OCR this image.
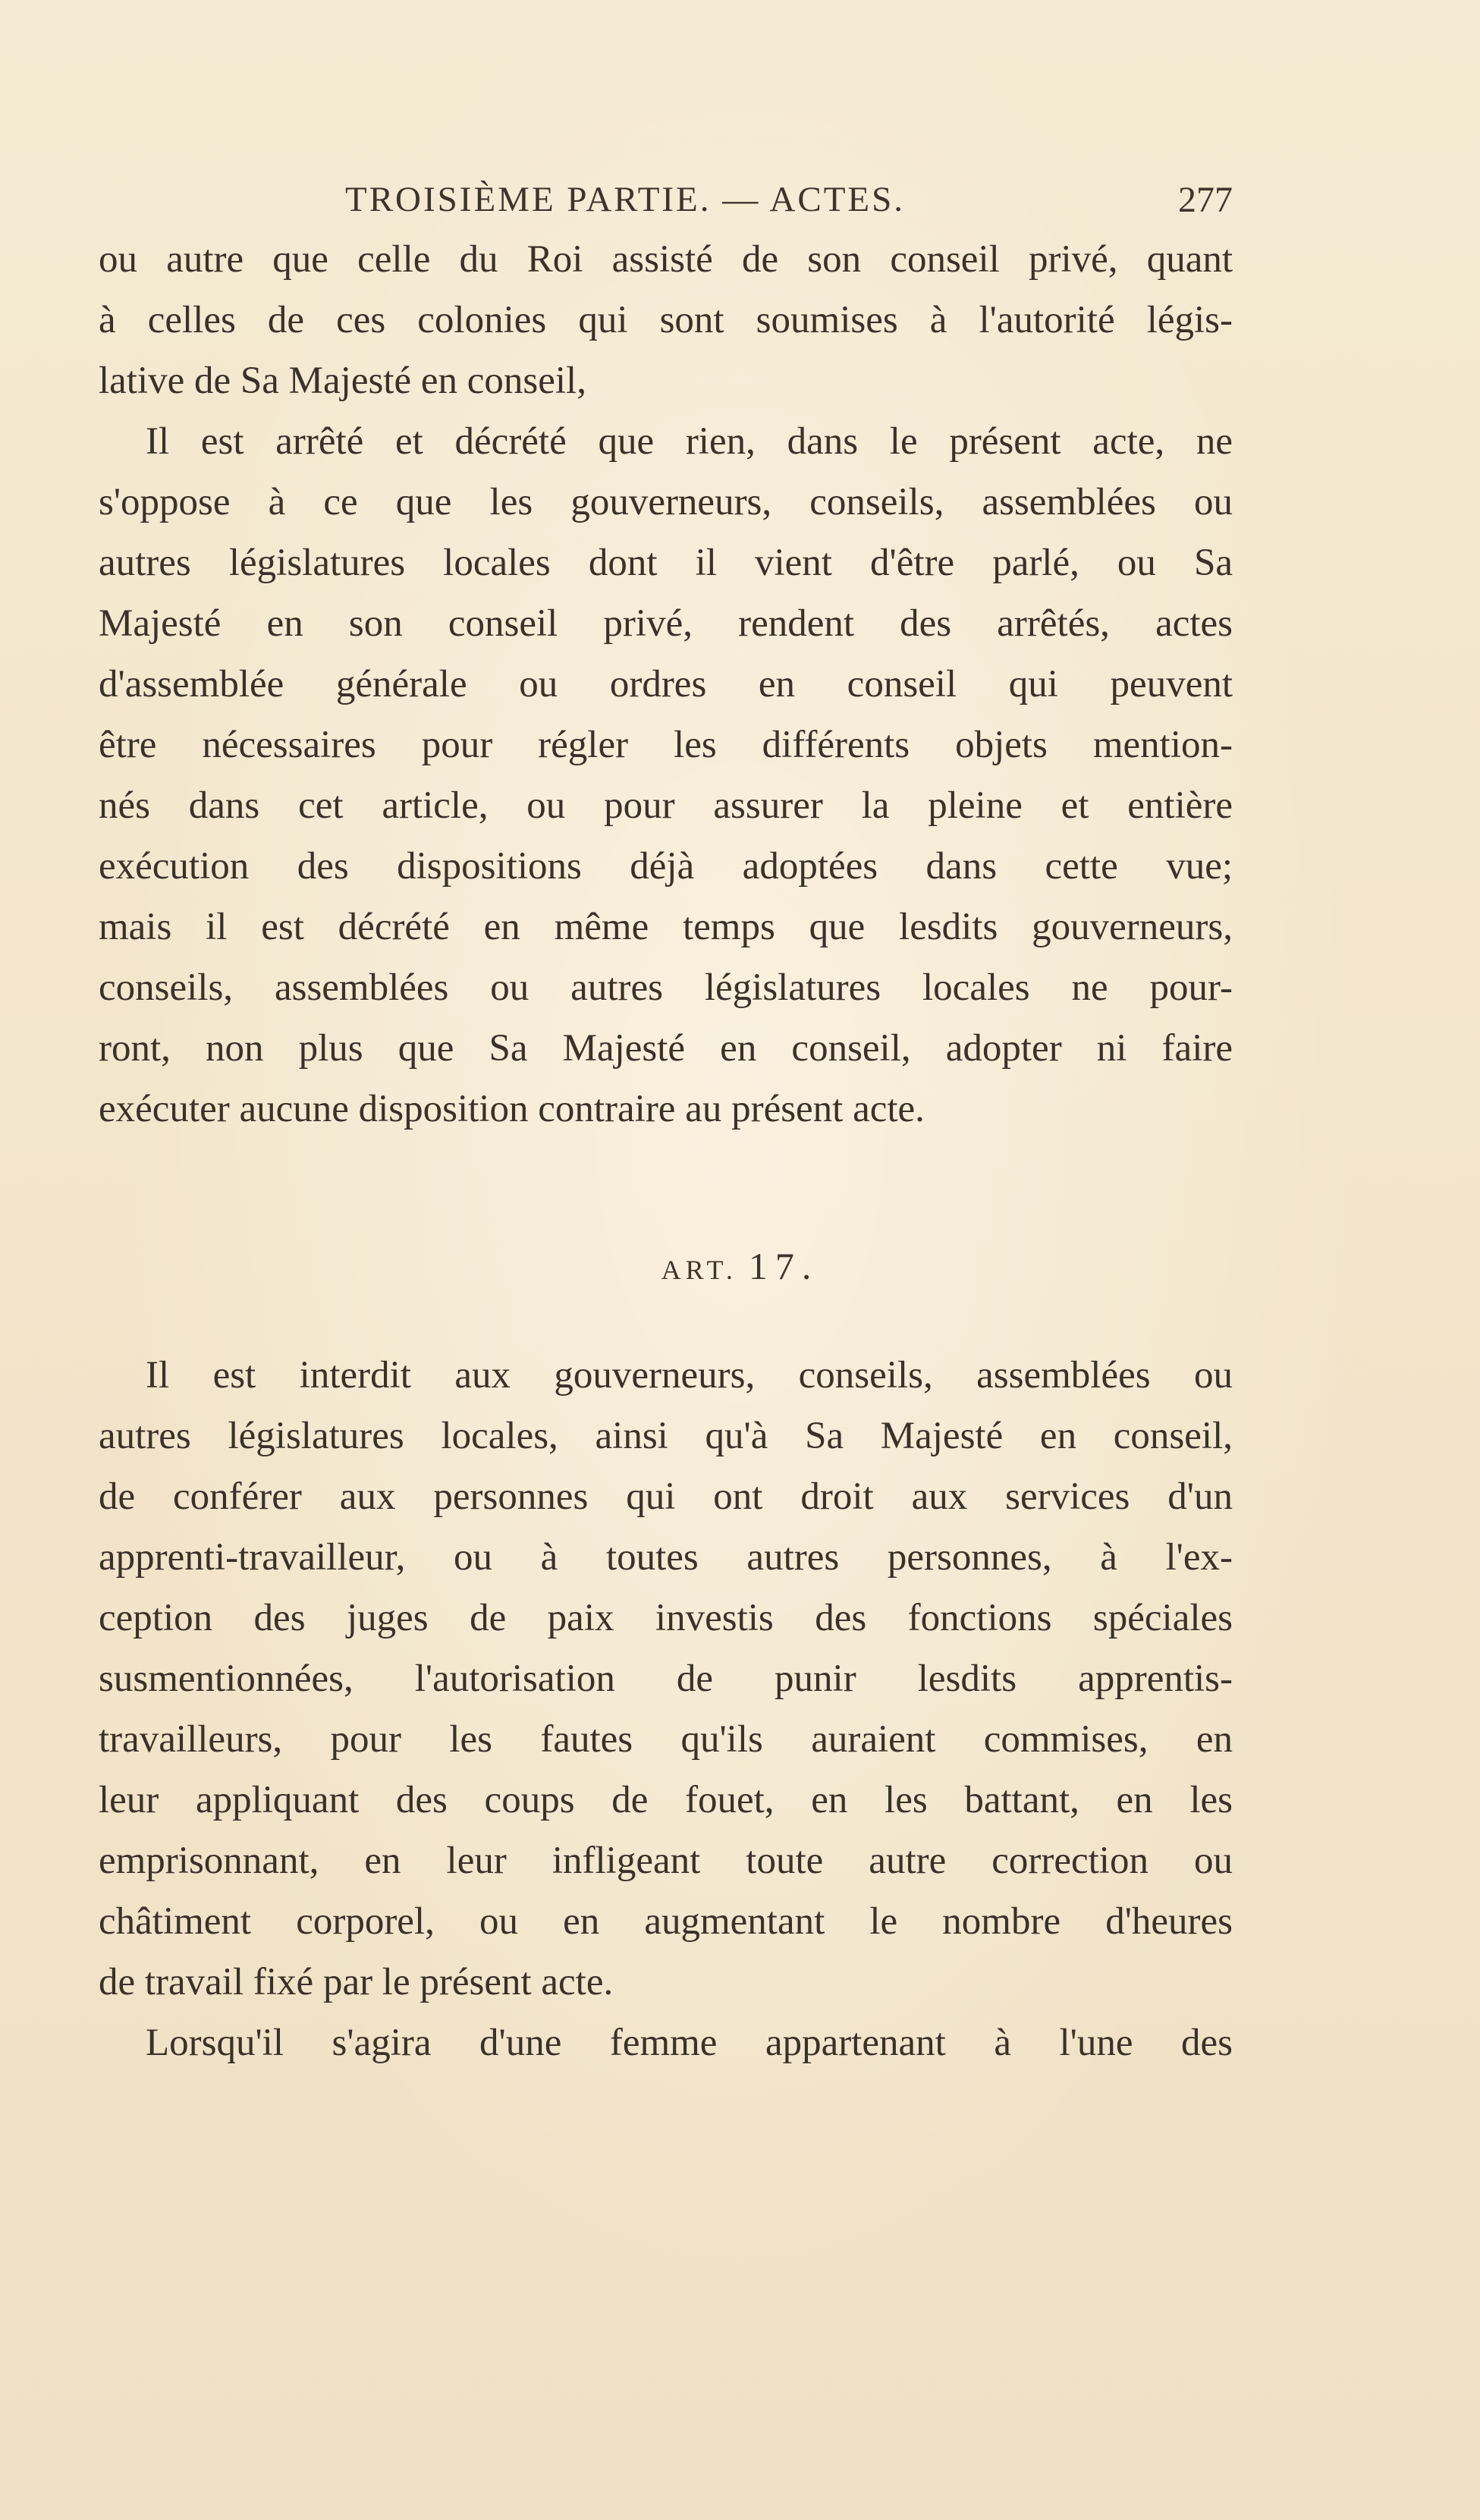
TROISIÈME PARTIE. — ACTES.	277
ou autre que celle du Roi assisté de son conseil privé, quant
à celles de ces colonies qui sont soumises à l'autorité légis-
lative de Sa Majesté en conseil,
Il est arrêté et décrété que rien, dans le présent acte, ne
s'oppose à ce que les gouverneurs, conseils, assemblées ou
autres législatures locales dont il vient d'être parlé, ou Sa
Majesté en son conseil privé, rendent des arrêtés, actes
d'assemblée générale ou ordres en conseil qui peuvent
être nécessaires pour régler les différents objets mention-
nés dans cet article, ou pour assurer la pleine et entière
exécution des dispositions déjà adoptées dans cette vue;
mais il est décrété en même temps que lesdits gouverneurs,
conseils, assemblées ou autres législatures locales ne pour-
ront, non plus que Sa Majesté en conseil, adopter ni faire
exécuter aucune disposition contraire au présent acte.
ART. 17.
Il est interdit aux gouverneurs, conseils, assemblées ou
autres législatures locales, ainsi qu'à Sa Majesté en conseil,
de conférer aux personnes qui ont droit aux services d'un
apprenti-travailleur, ou à toutes autres personnes, à l'ex-
ception des juges de paix investis des fonctions spéciales
susmentionnées, l'autorisation de punir lesdits apprentis-
travailleurs, pour les fautes qu'ils auraient commises, en
leur appliquant des coups de fouet, en les battant, en les
emprisonnant, en leur infligeant toute autre correction ou
châtiment corporel, ou en augmentant le nombre d'heures
de travail fixé par le présent acte.
Lorsqu'il s'agira d'une femme appartenant à l'une des
